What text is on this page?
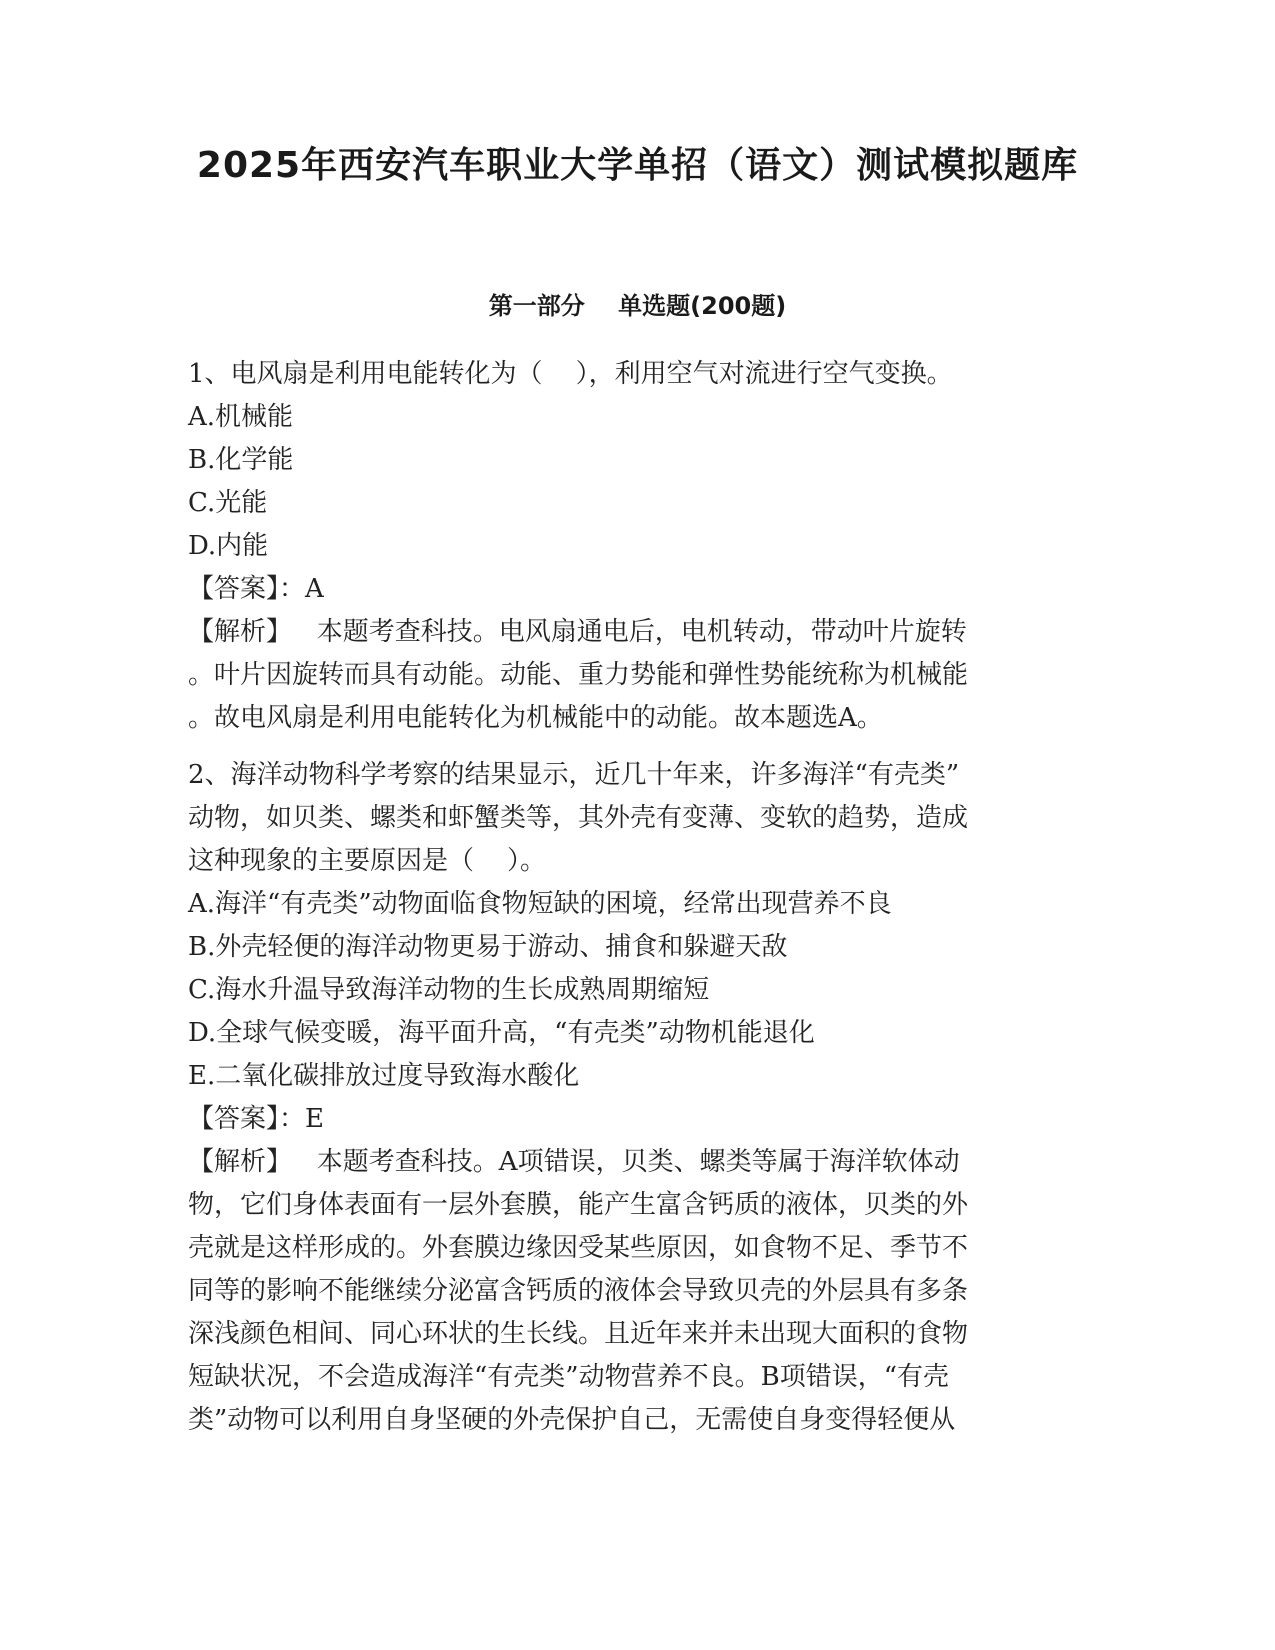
2025年西安汽车职业大学单招（语文）测试模拟题库
第一部分    单选题(200题)
1、电风扇是利用电能转化为（    ），利用空气对流进行空气变换。
A.机械能
B.化学能
C.光能
D.内能
【答案】：A
【解析】   本题考查科技。电风扇通电后，电机转动，带动叶片旋转
。叶片因旋转而具有动能。动能、重力势能和弹性势能统称为机械能
。故电风扇是利用电能转化为机械能中的动能。故本题选A。
2、海洋动物科学考察的结果显示，近几十年来，许多海洋“有壳类”
动物，如贝类、螺类和虾蟹类等，其外壳有变薄、变软的趋势，造成
这种现象的主要原因是（    ）。
A.海洋“有壳类”动物面临食物短缺的困境，经常出现营养不良
B.外壳轻便的海洋动物更易于游动、捕食和躲避天敌
C.海水升温导致海洋动物的生长成熟周期缩短
D.全球气候变暖，海平面升高，“有壳类”动物机能退化
E.二氧化碳排放过度导致海水酸化
【答案】：E
【解析】   本题考查科技。A项错误，贝类、螺类等属于海洋软体动
物，它们身体表面有一层外套膜，能产生富含钙质的液体，贝类的外
壳就是这样形成的。外套膜边缘因受某些原因，如食物不足、季节不
同等的影响不能继续分泌富含钙质的液体会导致贝壳的外层具有多条
深浅颜色相间、同心环状的生长线。且近年来并未出现大面积的食物
短缺状况，不会造成海洋“有壳类”动物营养不良。B项错误，“有壳
类”动物可以利用自身坚硬的外壳保护自己，无需使自身变得轻便从
